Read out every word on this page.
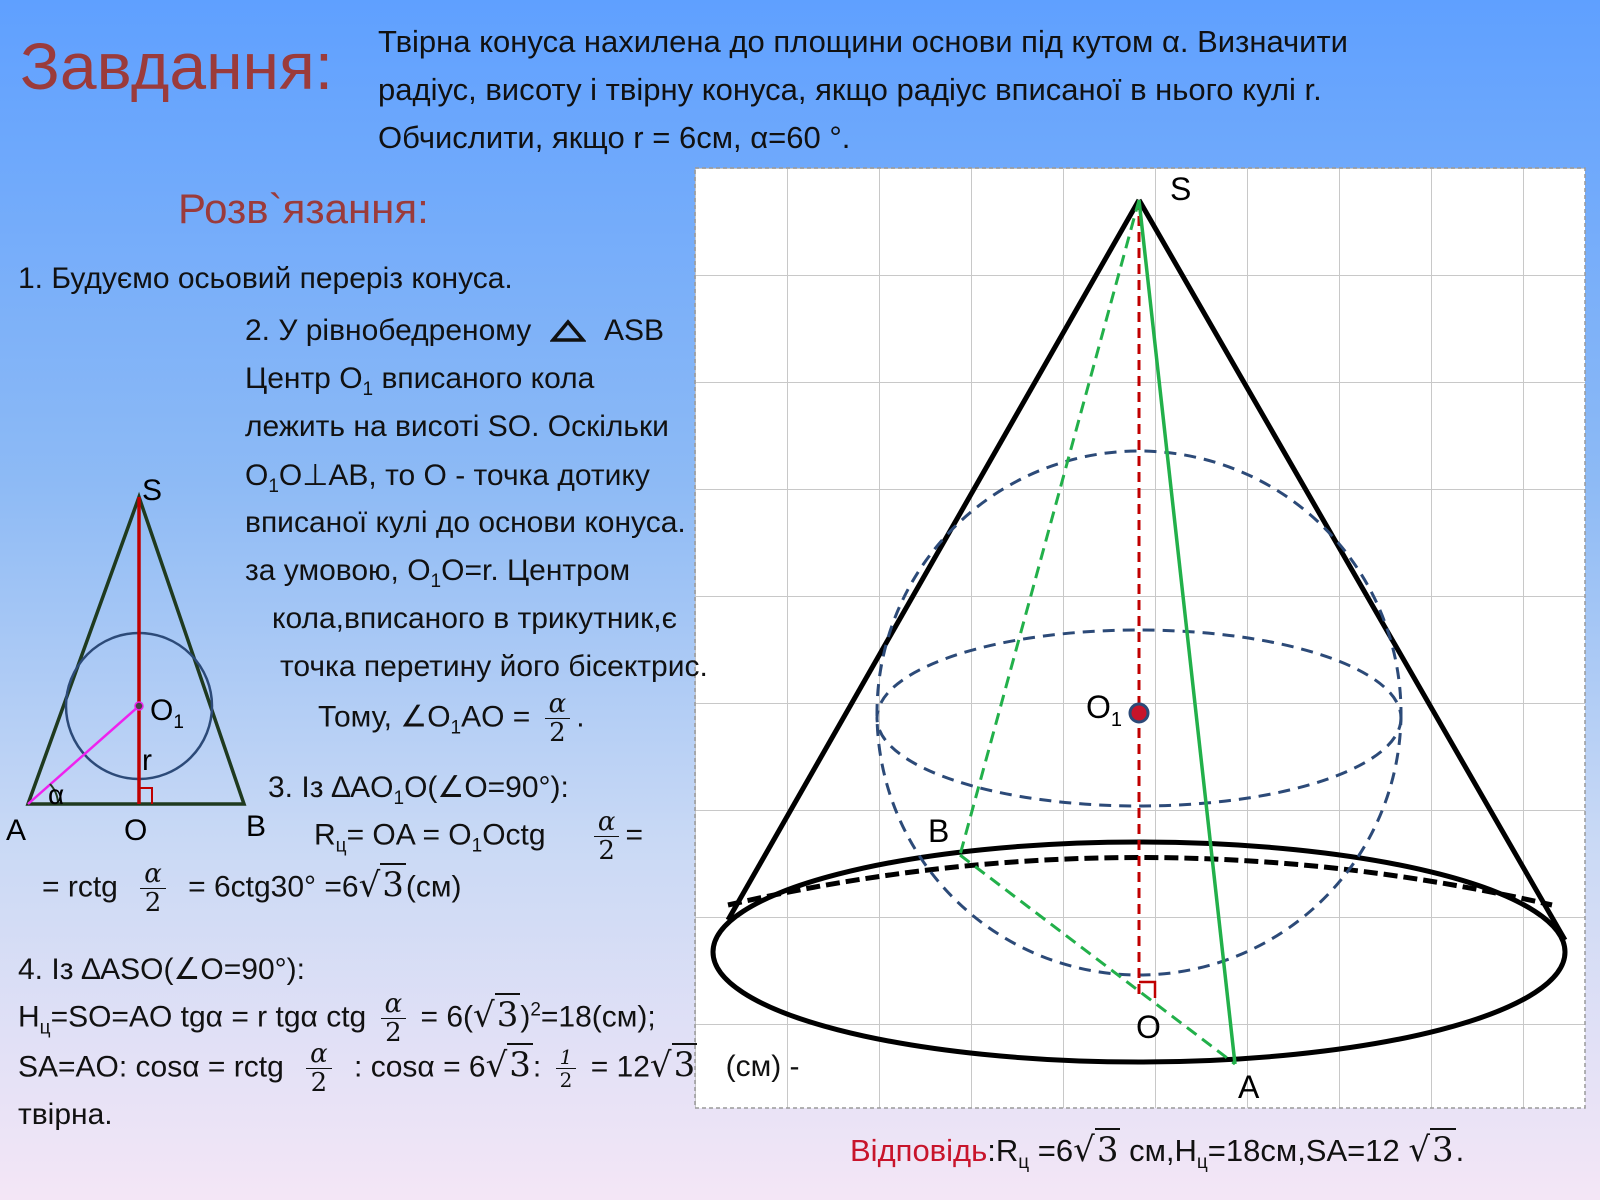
Завдання: Твірна конуса нахилена до площини основи під кутом α. Визначити
радіус, висоту і твірну конуса, якщо радіус вписаної в нього кулі r.
Обчислити, якщо r = 6см, α=60 °.
S
$O_1$
B
O
A
S
A	O	B
$O_1$
r
α
Розв`язання:
1. Будуємо осьовий переріз конуса.
2. У рівнобедреному ASB
Центр $O_1$ вписаного кола
лежить на висоті SO. Оскільки
$O_1O\perp AB$, то O - точка дотику
вписаної кулі до основи конуса.
за умовою, $O_1O=r$. Центром
кола,вписаного в трикутник,є
точка перетину його бісектрис.
Тому, $\angle O_1AO = \frac{\alpha}{2}$ .
3. Із $\Delta AO_1O(\angle O=90^\circ)$:
$R_ц=$ OA = $O_1Octg \frac{\alpha}{2}$ =
= rctg $\frac{\alpha}{2} = 6ctg30^\circ =6√3(см)$
4. Із ∆ASO(∠O=90°):
$H_ц=SO=AO$ tgα = r tgα ctg $\frac{\alpha}{2} = 6(√3)^2=18(см)$;
SA=AO: cosα = rctg $\frac{\alpha}{2}$ : cosα = 6√3: $\frac{1}{2} = 12√3$ (см) -
твірна.
$Відповідь:R_ц =6√3$ $см,H_ц=18см,SA=12$ √3.
